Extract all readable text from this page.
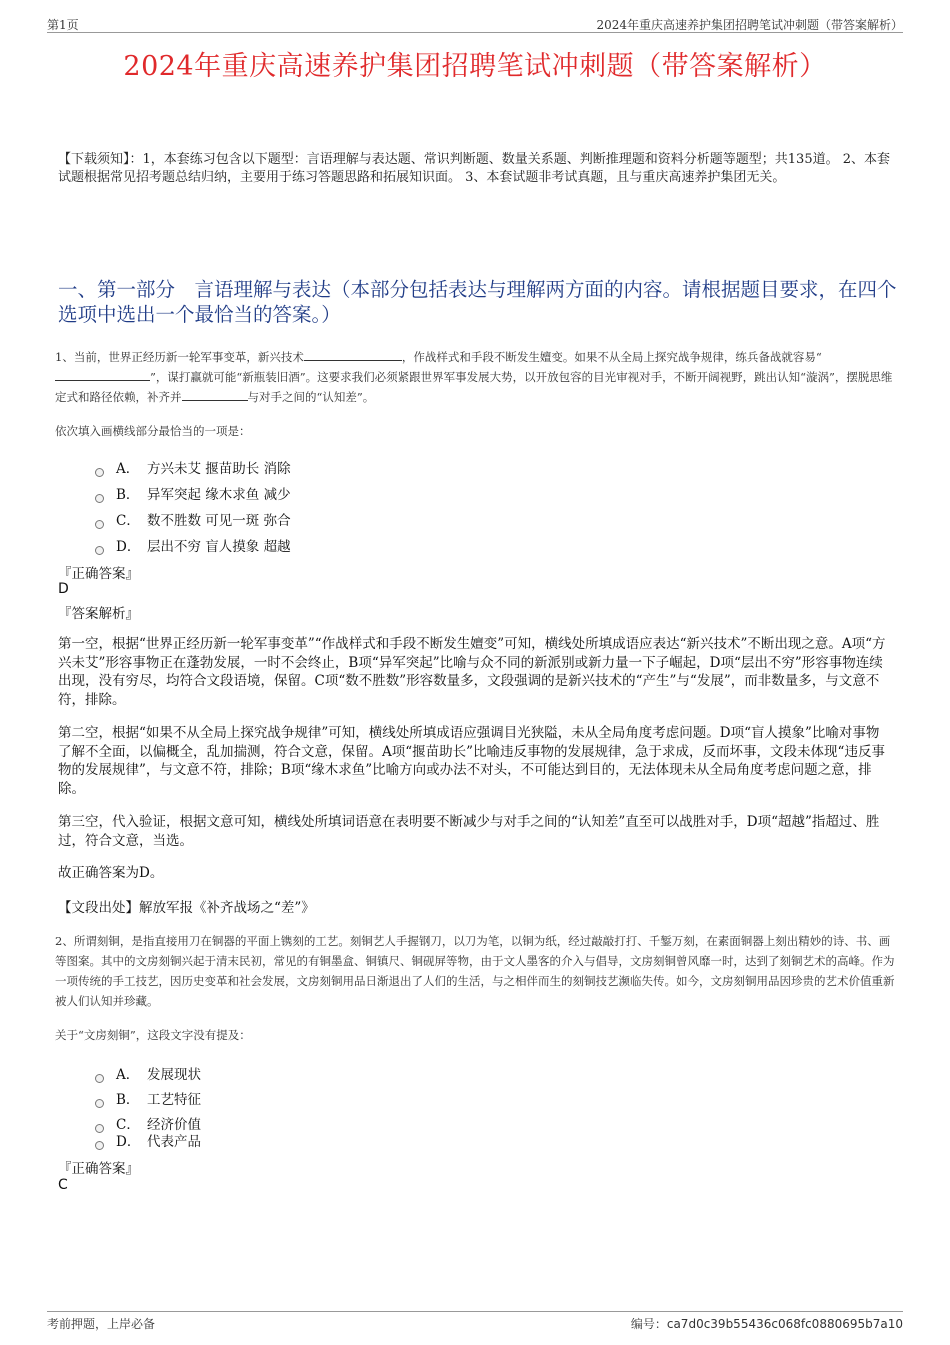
第1页	2024年重庆高速养护集团招聘笔试冲刺题（带答案解析）
2024年重庆高速养护集团招聘笔试冲刺题（带答案解析）
【下载须知】：1，本套练习包含以下题型：言语理解与表达题、常识判断题、数量关系题、判断推理题和资料分析题等题型；共135道。 2、本套试题根据常见招考题总结归纳，主要用于练习答题思路和拓展知识面。 3、本套试题非考试真题，且与重庆高速养护集团无关。
一、第一部分　言语理解与表达（本部分包括表达与理解两方面的内容。请根据题目要求，在四个选项中选出一个最恰当的答案。）
1、当前，世界正经历新一轮军事变革，新兴技术	，作战样式和手段不断发生嬗变。如果不从全局上探究战争规律，练兵备战就容易“”，谋打赢就可能“新瓶装旧酒”。这要求我们必须紧跟世界军事发展大势，以开放包容的目光审视对手，不断开阔视野，跳出认知“漩涡”，摆脱思维定式和路径依赖，补齐并	与对手之间的“认知差”。
依次填入画横线部分最恰当的一项是：
A． 方兴未艾 揠苗助长 消除
B． 异军突起 缘木求鱼 减少
C． 数不胜数 可见一斑 弥合
D． 层出不穷 盲人摸象 超越
『正确答案』
D
『答案解析』
第一空，根据“世界正经历新一轮军事变革”“作战样式和手段不断发生嬗变”可知，横线处所填成语应表达“新兴技术”不断出现之意。A项“方兴未艾”形容事物正在蓬勃发展，一时不会终止，B项“异军突起”比喻与众不同的新派别或新力量一下子崛起，D项“层出不穷”形容事物连续出现，没有穷尽，均符合文段语境，保留。C项“数不胜数”形容数量多，文段强调的是新兴技术的“产生”与“发展”，而非数量多，与文意不符，排除。
第二空，根据“如果不从全局上探究战争规律”可知，横线处所填成语应强调目光狭隘，未从全局角度考虑问题。D项“盲人摸象”比喻对事物了解不全面，以偏概全，乱加揣测，符合文意，保留。A项“揠苗助长”比喻违反事物的发展规律，急于求成，反而坏事，文段未体现“违反事物的发展规律”，与文意不符，排除；B项“缘木求鱼”比喻方向或办法不对头，不可能达到目的，无法体现未从全局角度考虑问题之意，排除。
第三空，代入验证，根据文意可知，横线处所填词语意在表明要不断减少与对手之间的“认知差”直至可以战胜对手，D项“超越”指超过、胜过，符合文意，当选。
故正确答案为D。
【文段出处】解放军报《补齐战场之“差”》
2、所谓刻铜，是指直接用刀在铜器的平面上镌刻的工艺。刻铜艺人手握钢刀，以刀为笔，以铜为纸，经过敲敲打打、千錾万刻，在素面铜器上刻出精妙的诗、书、画等图案。其中的文房刻铜兴起于清末民初，常见的有铜墨盒、铜镇尺、铜砚屏等物，由于文人墨客的介入与倡导，文房刻铜曾风靡一时，达到了刻铜艺术的高峰。作为一项传统的手工技艺，因历史变革和社会发展，文房刻铜用品日渐退出了人们的生活，与之相伴而生的刻铜技艺濒临失传。如今，文房刻铜用品因珍贵的艺术价值重新被人们认知并珍藏。
关于“文房刻铜”，这段文字没有提及：
A． 发展现状
B． 工艺特征
C． 经济价值
D． 代表产品
『正确答案』
C
考前押题，上岸必备	编号：ca7d0c39b55436c068fc0880695b7a10
